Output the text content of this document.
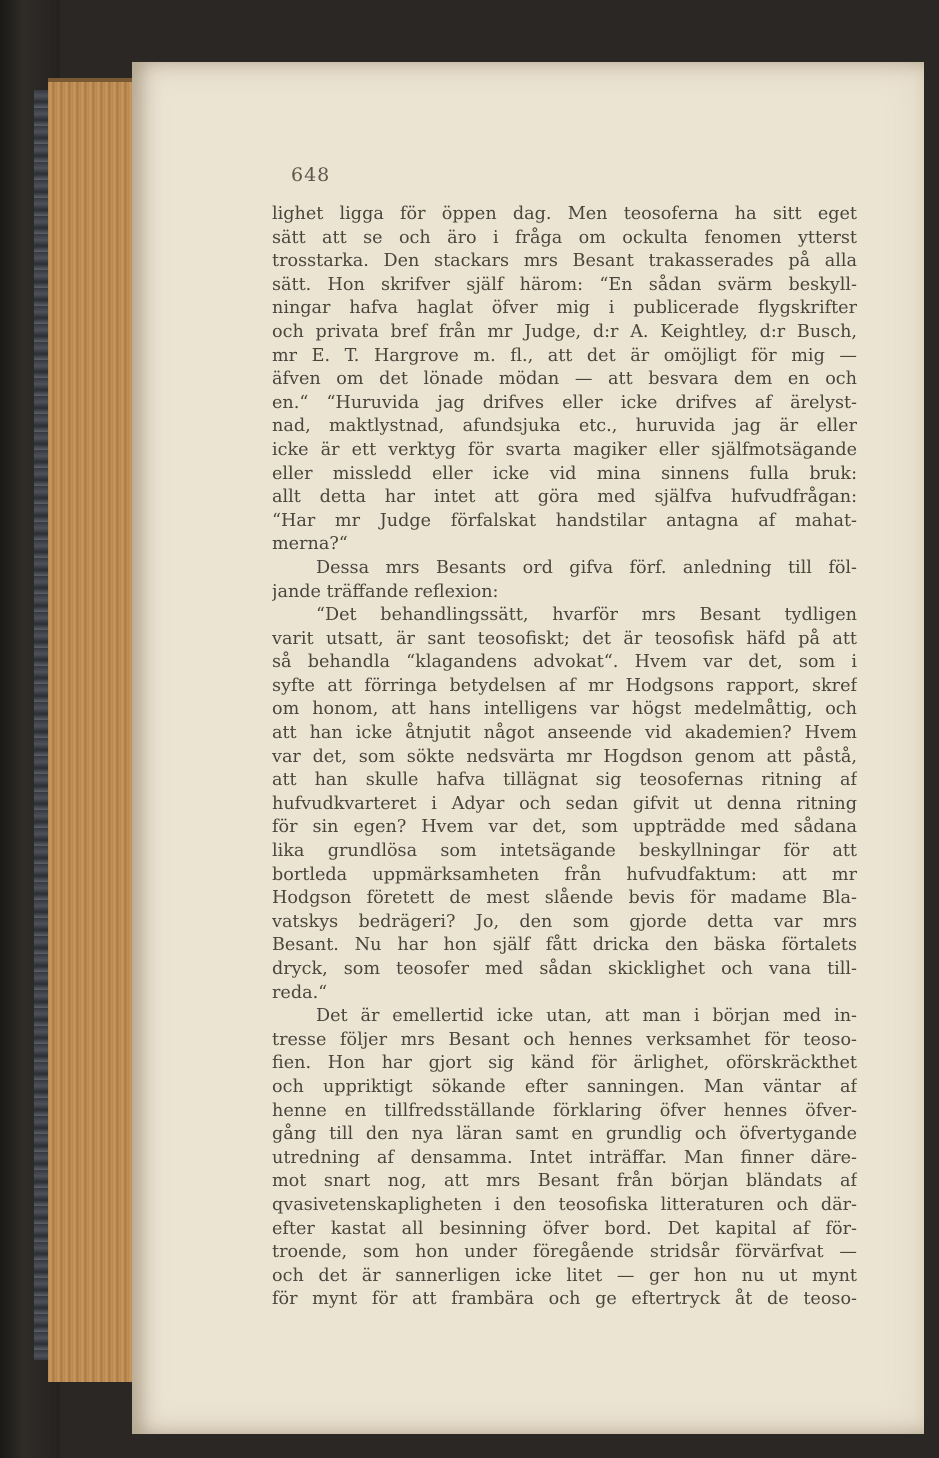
648

lighet ligga för öppen dag. Men teosoferna ha sitt eget
sätt att se och äro i fråga om ockulta fenomen ytterst
trosstarka. Den stackars mrs Besant trakasserades på alla
sätt. Hon skrifver själf härom: “En sådan svärm beskyll-
ningar hafva haglat öfver mig i publicerade flygskrifter
och privata bref från mr Judge, d:r A. Keightley, d:r Busch,
mr E. T. Hargrove m. fl., att det är omöjligt för mig —
äfven om det lönade mödan — att besvara dem en och
en.“ “Huruvida jag drifves eller icke drifves af ärelyst-
nad, maktlystnad, afundsjuka etc., huruvida jag är eller
icke är ett verktyg för svarta magiker eller själfmotsägande
eller missledd eller icke vid mina sinnens fulla bruk:
allt detta har intet att göra med själfva hufvudfrågan:
“Har mr Judge förfalskat handstilar antagna af mahat-
merna?“
Dessa mrs Besants ord gifva förf. anledning till föl-
jande träffande reflexion:
“Det behandlingssätt, hvarför mrs Besant tydligen
varit utsatt, är sant teosofiskt; det är teosofisk häfd på att
så behandla “klagandens advokat“. Hvem var det, som i
syfte att förringa betydelsen af mr Hodgsons rapport, skref
om honom, att hans intelligens var högst medelmåttig, och
att han icke åtnjutit något anseende vid akademien? Hvem
var det, som sökte nedsvärta mr Hogdson genom att påstå,
att han skulle hafva tillägnat sig teosofernas ritning af
hufvudkvarteret i Adyar och sedan gifvit ut denna ritning
för sin egen? Hvem var det, som uppträdde med sådana
lika grundlösa som intetsägande beskyllningar för att
bortleda uppmärksamheten från hufvudfaktum: att mr
Hodgson företett de mest slående bevis för madame Bla-
vatskys bedrägeri? Jo, den som gjorde detta var mrs
Besant. Nu har hon själf fått dricka den bäska förtalets
dryck, som teosofer med sådan skicklighet och vana till-
reda.“
Det är emellertid icke utan, att man i början med in-
tresse följer mrs Besant och hennes verksamhet för teoso-
fien. Hon har gjort sig känd för ärlighet, oförskräckthet
och uppriktigt sökande efter sanningen. Man väntar af
henne en tillfredsställande förklaring öfver hennes öfver-
gång till den nya läran samt en grundlig och öfvertygande
utredning af densamma. Intet inträffar. Man finner däre-
mot snart nog, att mrs Besant från början bländats af
qvasivetenskapligheten i den teosofiska litteraturen och där-
efter kastat all besinning öfver bord. Det kapital af för-
troende, som hon under föregående stridsår förvärfvat —
och det är sannerligen icke litet — ger hon nu ut mynt
för mynt för att frambära och ge eftertryck åt de teoso-
